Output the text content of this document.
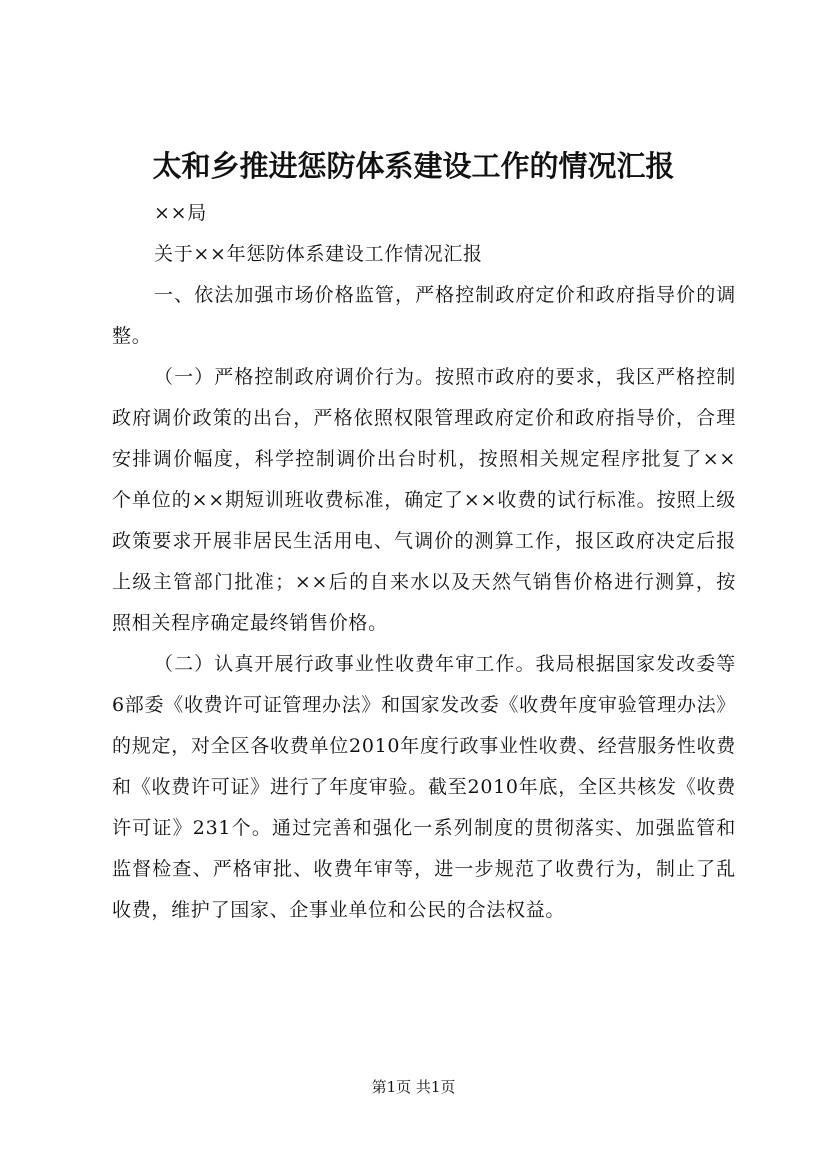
太和乡推进惩防体系建设工作的情况汇报

××局

关于××年惩防体系建设工作情况汇报

一、依法加强市场价格监管，严格控制政府定价和政府指导价的调整。

（一）严格控制政府调价行为。按照市政府的要求，我区严格控制政府调价政策的出台，严格依照权限管理政府定价和政府指导价，合理安排调价幅度，科学控制调价出台时机，按照相关规定程序批复了××个单位的××期短训班收费标准，确定了××收费的试行标准。按照上级政策要求开展非居民生活用电、气调价的测算工作，报区政府决定后报上级主管部门批准；××后的自来水以及天然气销售价格进行测算，按照相关程序确定最终销售价格。

（二）认真开展行政事业性收费年审工作。我局根据国家发改委等6部委《收费许可证管理办法》和国家发改委《收费年度审验管理办法》的规定，对全区各收费单位2010年度行政事业性收费、经营服务性收费和《收费许可证》进行了年度审验。截至2010年底，全区共核发《收费许可证》231个。通过完善和强化一系列制度的贯彻落实、加强监管和监督检查、严格审批、收费年审等，进一步规范了收费行为，制止了乱收费，维护了国家、企事业单位和公民的合法权益。

第1页 共1页
